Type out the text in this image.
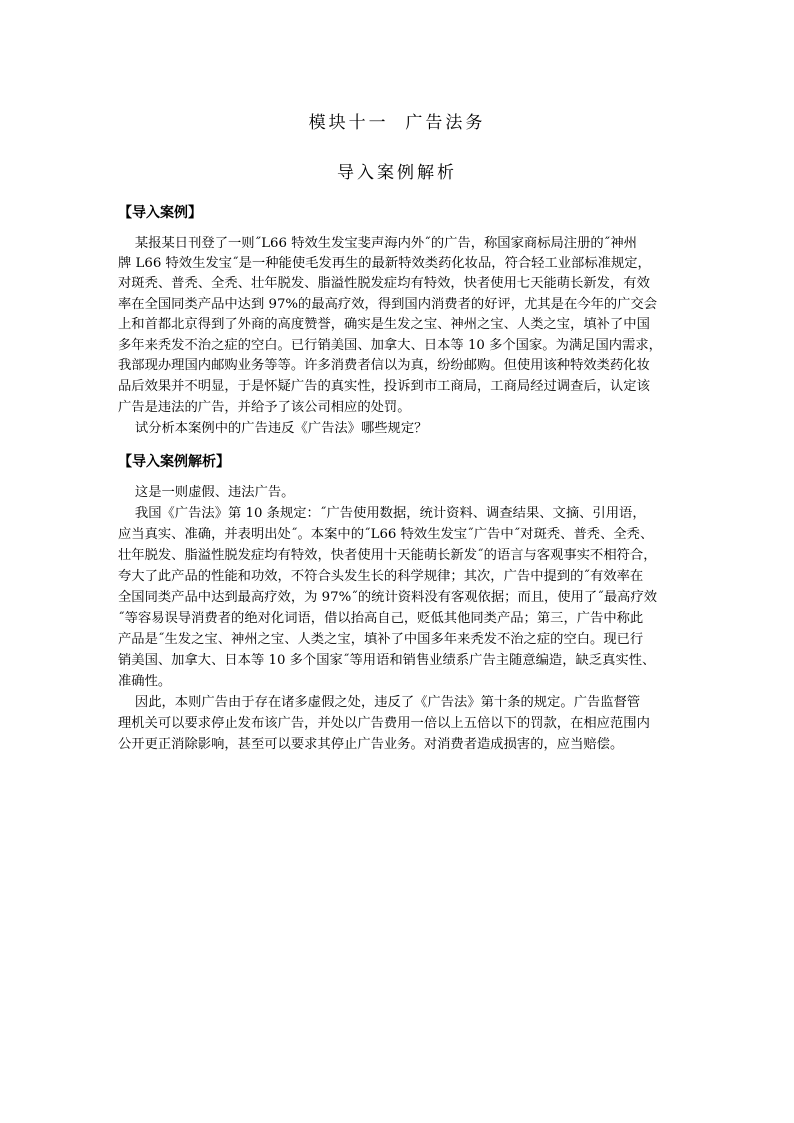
模块十一  广告法务
导入案例解析
【导入案例】
某报某日刊登了一则˝L66 特效生发宝斐声海内外˝的广告，称国家商标局注册的˝神州
牌 L66 特效生发宝˝是一种能使毛发再生的最新特效类药化妆品，符合轻工业部标准规定，
对斑秃、普秃、全秃、壮年脱发、脂溢性脱发症均有特效，快者使用七天能萌长新发，有效
率在全国同类产品中达到 97%的最高疗效，得到国内消费者的好评，尤其是在今年的广交会
上和首都北京得到了外商的高度赞誉，确实是生发之宝、神州之宝、人类之宝，填补了中国
多年来秃发不治之症的空白。已行销美国、加拿大、日本等 10 多个国家。为满足国内需求，
我部现办理国内邮购业务等等。许多消费者信以为真，纷纷邮购。但使用该种特效类药化妆
品后效果并不明显，于是怀疑广告的真实性，投诉到市工商局，工商局经过调查后，认定该
广告是违法的广告，并给予了该公司相应的处罚。
试分析本案例中的广告违反《广告法》哪些规定？
【导入案例解析】
这是一则虚假、违法广告。
我国《广告法》第 10 条规定：˝广告使用数据，统计资料、调查结果、文摘、引用语，
应当真实、准确，并表明出处˝。本案中的˝L66 特效生发宝˝广告中˝对斑秃、普秃、全秃、
壮年脱发、脂溢性脱发症均有特效，快者使用十天能萌长新发˝的语言与客观事实不相符合，
夸大了此产品的性能和功效，不符合头发生长的科学规律；其次，广告中提到的˝有效率在
全国同类产品中达到最高疗效，为 97%˝的统计资料没有客观依据；而且，使用了˝最高疗效
˝等容易误导消费者的绝对化词语，借以抬高自己，贬低其他同类产品；第三，广告中称此
产品是˝生发之宝、神州之宝、人类之宝，填补了中国多年来秃发不治之症的空白。现已行
销美国、加拿大、日本等 10 多个国家˝等用语和销售业绩系广告主随意编造，缺乏真实性、
准确性。
因此，本则广告由于存在诸多虚假之处，违反了《广告法》第十条的规定。广告监督管
理机关可以要求停止发布该广告，并处以广告费用一倍以上五倍以下的罚款，在相应范围内
公开更正消除影响，甚至可以要求其停止广告业务。对消费者造成损害的，应当赔偿。
